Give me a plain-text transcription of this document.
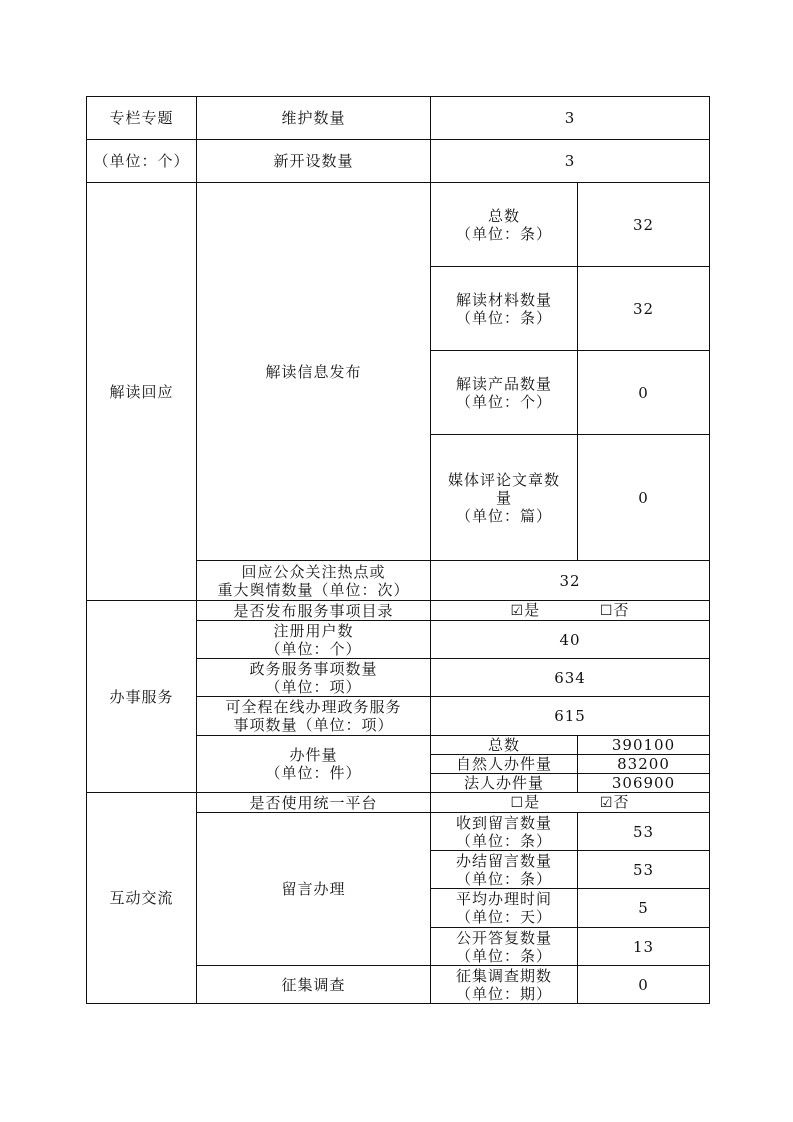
专栏专题	维护数量	3	
（单位：个）	新开设数量	3	
解读回应	解读信息发布	总数
（单位：条）	32

		解读材料数量
（单位：条）	32

		解读产品数量
（单位：个）	0

		媒体评论文章数
量
（单位：篇）	0

	回应公众关注热点或
重大舆情数量（单位：次）	32	
办事服务	是否发布服务事项目录	☑是 ☐否	

	注册用户数
（单位：个）	40	

	政务服务事项数量
（单位：项）	634	

	可全程在线办理政务服务
事项数量（单位：项）	615	

	办件量
（单位：件）	总数	390100
		自然人办件量	83200
		法人办件量	306900
互动交流	是否使用统一平台	☐是 ☑否	
	留言办理	收到留言数量
（单位：条）	53

		办结留言数量
（单位：条）	53

		平均办理时间
（单位：天）	5

		公开答复数量
（单位：条）	13
	征集调查	征集调查期数
（单位：期）	0
